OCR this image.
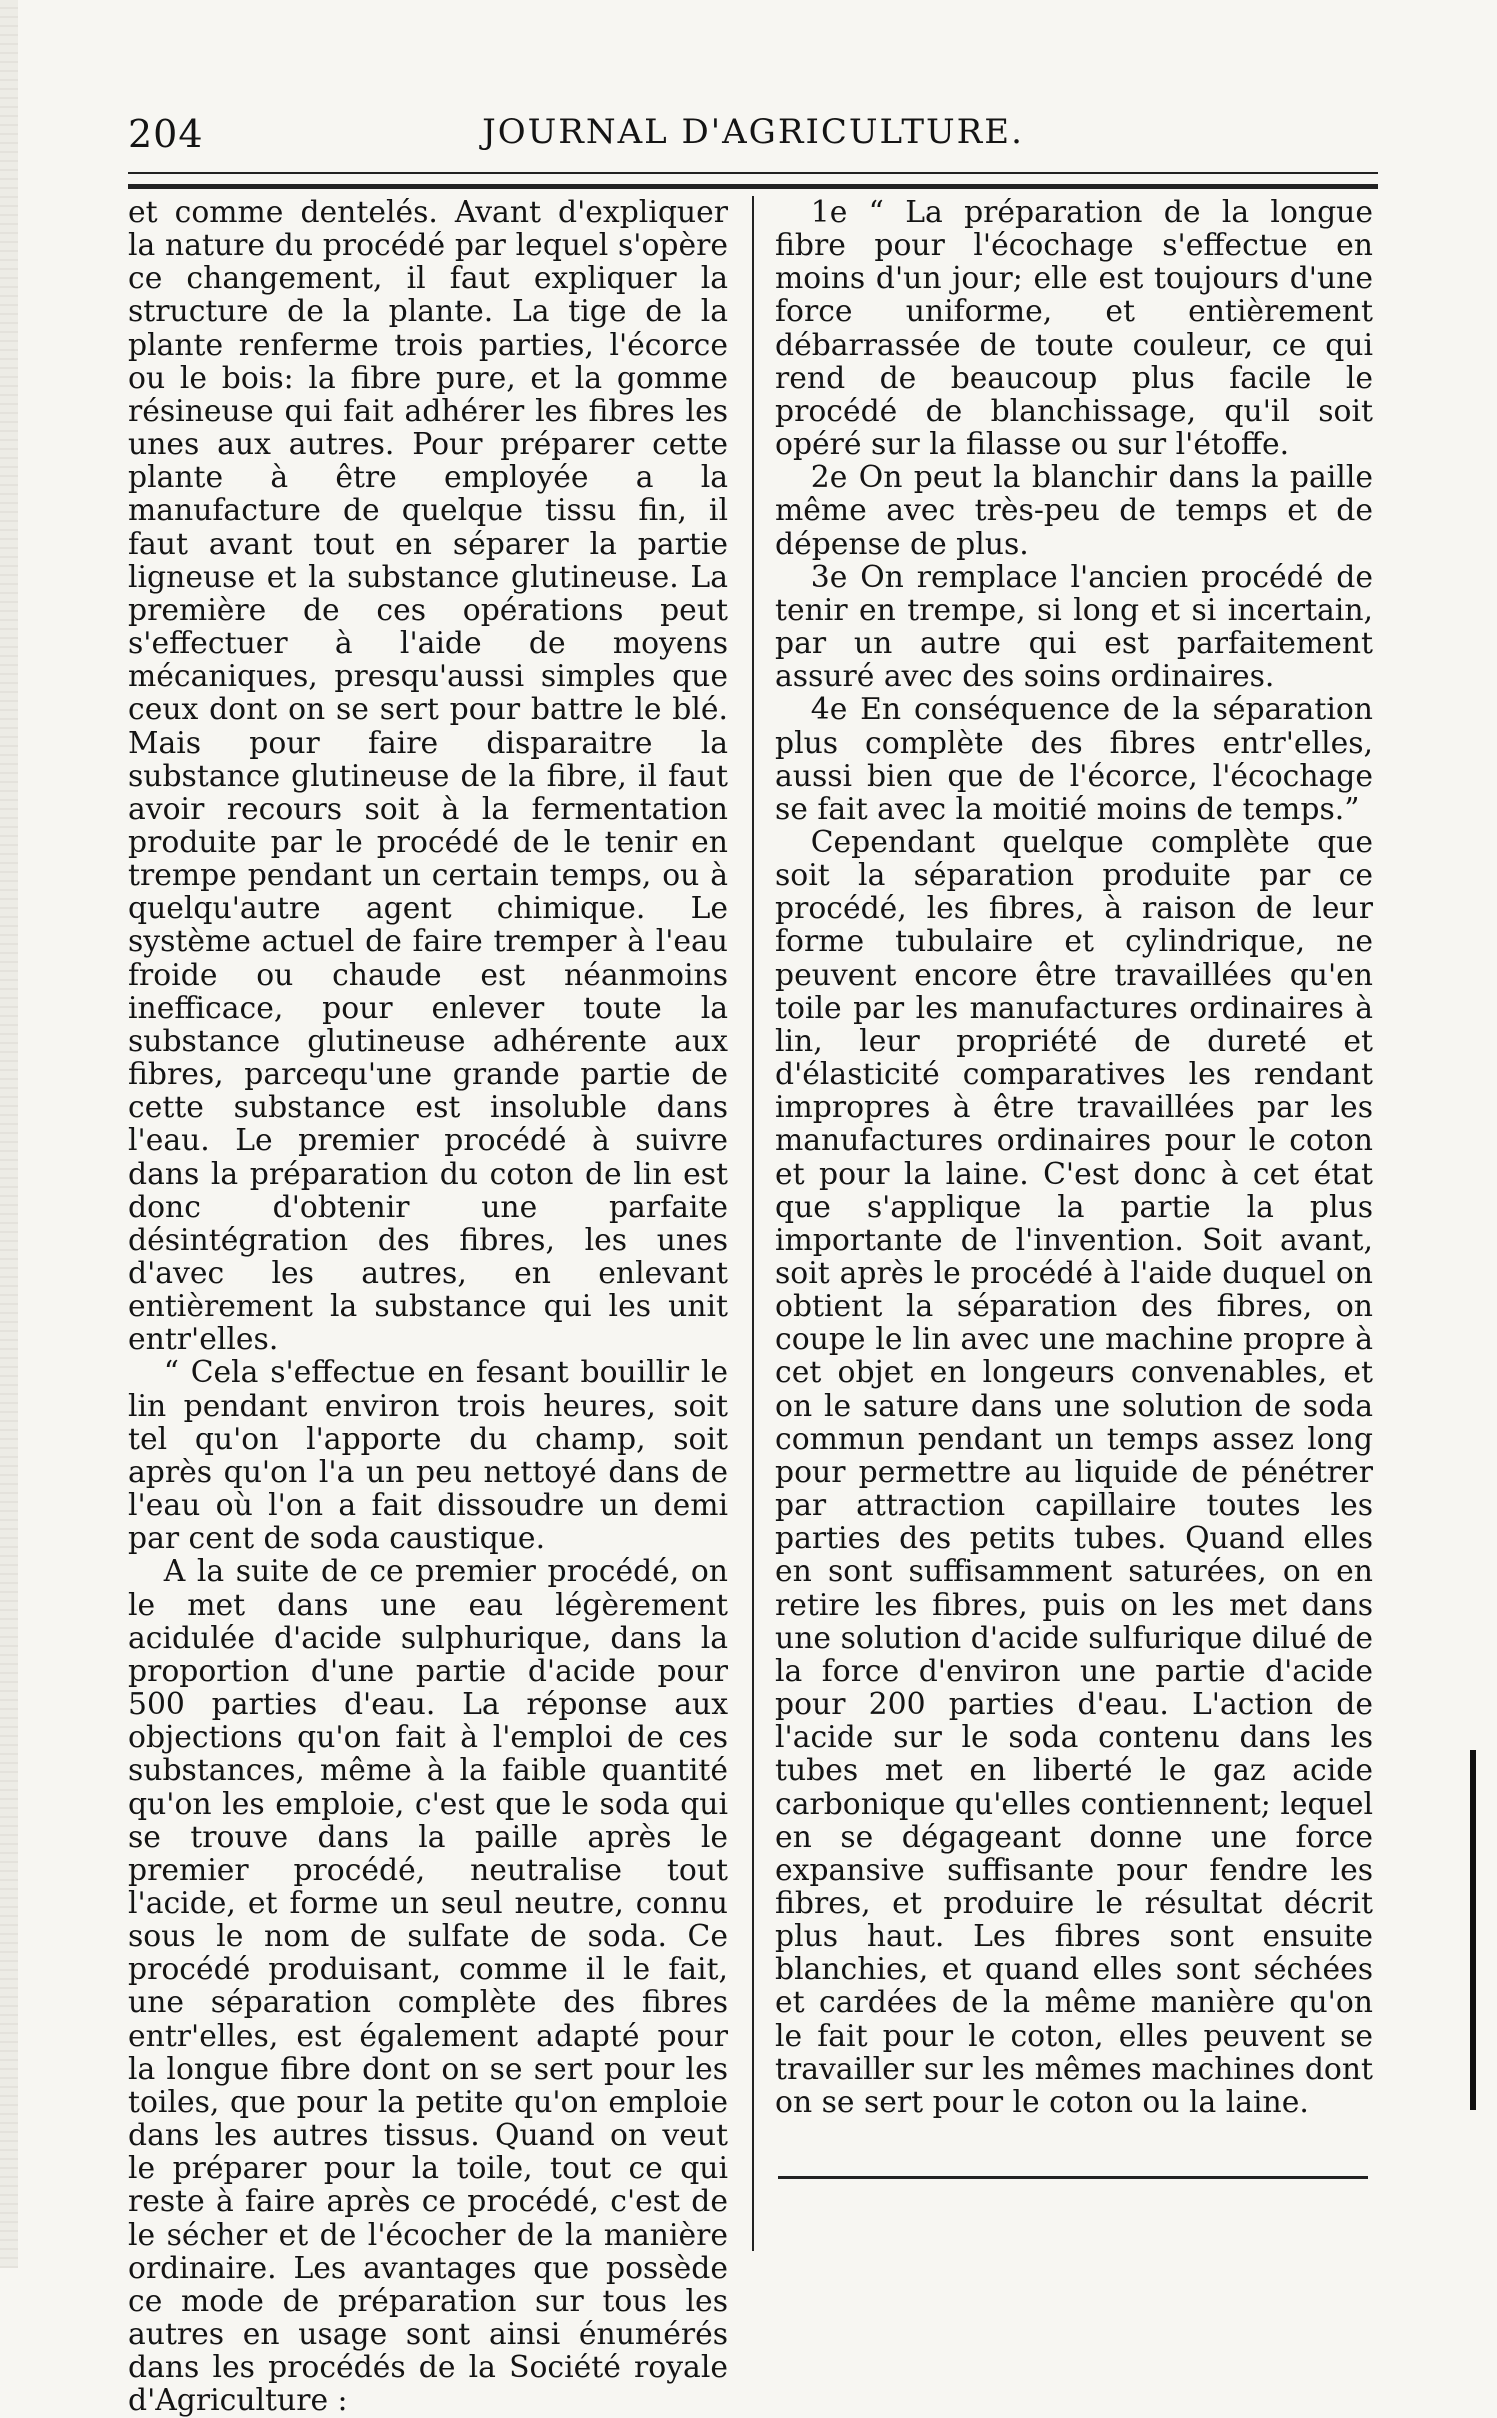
204	JOURNAL D'AGRICULTURE.

et comme dentelés. Avant d'expliquer la nature du procédé par lequel s'opère ce changement, il faut expliquer la structure de la plante. La tige de la plante renferme trois parties, l'écorce ou le bois: la fibre pure, et la gomme résineuse qui fait adhérer les fibres les unes aux autres. Pour préparer cette plante à être employée a la manufacture de quelque tissu fin, il faut avant tout en séparer la partie ligneuse et la substance glutineuse. La première de ces opérations peut s'effectuer à l'aide de moyens mécaniques, presqu'aussi simples que ceux dont on se sert pour battre le blé. Mais pour faire disparaitre la substance glutineuse de la fibre, il faut avoir recours soit à la fermentation produite par le procédé de le tenir en trempe pendant un certain temps, ou à quelqu'autre agent chimique. Le système actuel de faire tremper à l'eau froide ou chaude est néanmoins inefficace, pour enlever toute la substance glutineuse adhérente aux fibres, parcequ'une grande partie de cette substance est insoluble dans l'eau. Le premier procédé à suivre dans la préparation du coton de lin est donc d'obtenir une parfaite désintégration des fibres, les unes d'avec les autres, en enlevant entièrement la substance qui les unit entr'elles.

“ Cela s'effectue en fesant bouillir le lin pendant environ trois heures, soit tel qu'on l'apporte du champ, soit après qu'on l'a un peu nettoyé dans de l'eau où l'on a fait dissoudre un demi par cent de soda caustique.

A la suite de ce premier procédé, on le met dans une eau légèrement acidulée d'acide sulphurique, dans la proportion d'une partie d'acide pour 500 parties d'eau. La réponse aux objections qu'on fait à l'emploi de ces substances, même à la faible quantité qu'on les emploie, c'est que le soda qui se trouve dans la paille après le premier procédé, neutralise tout l'acide, et forme un seul neutre, connu sous le nom de sulfate de soda. Ce procédé produisant, comme il le fait, une séparation complète des fibres entr'elles, est également adapté pour la longue fibre dont on se sert pour les toiles, que pour la petite qu'on emploie dans les autres tissus. Quand on veut le préparer pour la toile, tout ce qui reste à faire après ce procédé, c'est de le sécher et de l'écocher de la manière ordinaire. Les avantages que possède ce mode de préparation sur tous les autres en usage sont ainsi énumérés dans les procédés de la Société royale d'Agriculture :

1e “ La préparation de la longue fibre pour l'écochage s'effectue en moins d'un jour; elle est toujours d'une force uniforme, et entièrement débarrassée de toute couleur, ce qui rend de beaucoup plus facile le procédé de blanchissage, qu'il soit opéré sur la filasse ou sur l'étoffe.

2e On peut la blanchir dans la paille même avec très-peu de temps et de dépense de plus.

3e On remplace l'ancien procédé de tenir en trempe, si long et si incertain, par un autre qui est parfaitement assuré avec des soins ordinaires.

4e En conséquence de la séparation plus complète des fibres entr'elles, aussi bien que de l'écorce, l'écochage se fait avec la moitié moins de temps.”

Cependant quelque complète que soit la séparation produite par ce procédé, les fibres, à raison de leur forme tubulaire et cylindrique, ne peuvent encore être travaillées qu'en toile par les manufactures ordinaires à lin, leur propriété de dureté et d'élasticité comparatives les rendant impropres à être travaillées par les manufactures ordinaires pour le coton et pour la laine. C'est donc à cet état que s'applique la partie la plus importante de l'invention. Soit avant, soit après le procédé à l'aide duquel on obtient la séparation des fibres, on coupe le lin avec une machine propre à cet objet en longeurs convenables, et on le sature dans une solution de soda commun pendant un temps assez long pour permettre au liquide de pénétrer par attraction capillaire toutes les parties des petits tubes. Quand elles en sont suffisamment saturées, on en retire les fibres, puis on les met dans une solution d'acide sulfurique dilué de la force d'environ une partie d'acide pour 200 parties d'eau. L'action de l'acide sur le soda contenu dans les tubes met en liberté le gaz acide carbonique qu'elles contiennent; lequel en se dégageant donne une force expansive suffisante pour fendre les fibres, et produire le résultat décrit plus haut. Les fibres sont ensuite blanchies, et quand elles sont séchées et cardées de la même manière qu'on le fait pour le coton, elles peuvent se travailler sur les mêmes machines dont on se sert pour le coton ou la laine.
